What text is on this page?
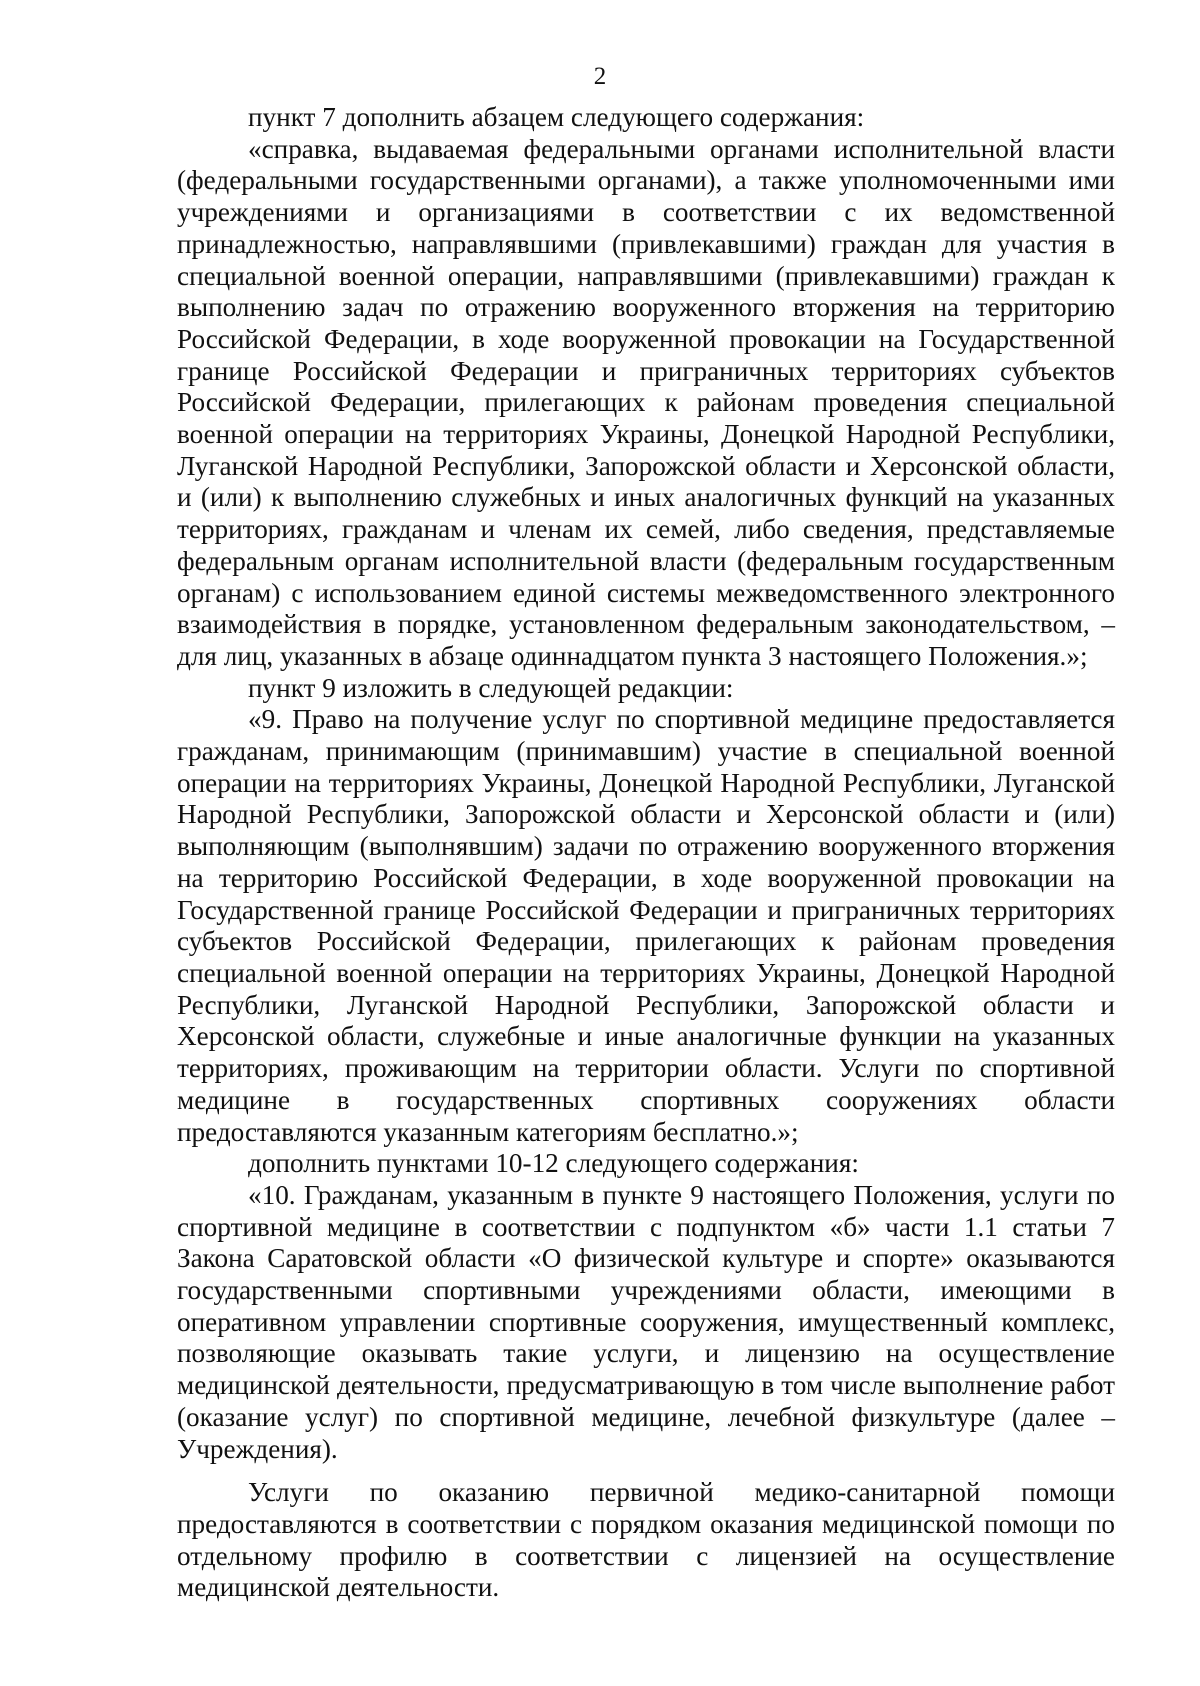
2

пункт 7 дополнить абзацем следующего содержания:

«справка, выдаваемая федеральными органами исполнительной власти (федеральными государственными органами), а также уполномоченными ими учреждениями и организациями в соответствии с их ведомственной принадлежностью, направлявшими (привлекавшими) граждан для участия в специальной военной операции, направлявшими (привлекавшими) граждан к выполнению задач по отражению вооруженного вторжения на территорию Российской Федерации, в ходе вооруженной провокации на Государственной границе Российской Федерации и приграничных территориях субъектов Российской Федерации, прилегающих к районам проведения специальной военной операции на территориях Украины, Донецкой Народной Республики, Луганской Народной Республики, Запорожской области и Херсонской области, и (или) к выполнению служебных и иных аналогичных функций на указанных территориях, гражданам и членам их семей, либо сведения, представляемые федеральным органам исполнительной власти (федеральным государственным органам) с использованием единой системы межведомственного электронного взаимодействия в порядке, установленном федеральным законодательством, – для лиц, указанных в абзаце одиннадцатом пункта 3 настоящего Положения.»;

пункт 9 изложить в следующей редакции:

«9. Право на получение услуг по спортивной медицине предоставляется гражданам, принимающим (принимавшим) участие в специальной военной операции на территориях Украины, Донецкой Народной Республики, Луганской Народной Республики, Запорожской области и Херсонской области и (или) выполняющим (выполнявшим) задачи по отражению вооруженного вторжения на территорию Российской Федерации, в ходе вооруженной провокации на Государственной границе Российской Федерации и приграничных территориях субъектов Российской Федерации, прилегающих к районам проведения специальной военной операции на территориях Украины, Донецкой Народной Республики, Луганской Народной Республики, Запорожской области и Херсонской области, служебные и иные аналогичные функции на указанных территориях, проживающим на территории области. Услуги по спортивной медицине в государственных спортивных сооружениях области предоставляются указанным категориям бесплатно.»;

дополнить пунктами 10-12 следующего содержания:

«10. Гражданам, указанным в пункте 9 настоящего Положения, услуги по спортивной медицине в соответствии с подпунктом «б» части 1.1 статьи 7 Закона Саратовской области «О физической культуре и спорте» оказываются государственными спортивными учреждениями области, имеющими в оперативном управлении спортивные сооружения, имущественный комплекс, позволяющие оказывать такие услуги, и лицензию на осуществление медицинской деятельности, предусматривающую в том числе выполнение работ (оказание услуг) по спортивной медицине, лечебной физкультуре (далее – Учреждения).

Услуги по оказанию первичной медико-санитарной помощи предоставляются в соответствии с порядком оказания медицинской помощи по отдельному профилю в соответствии с лицензией на осуществление медицинской деятельности.
